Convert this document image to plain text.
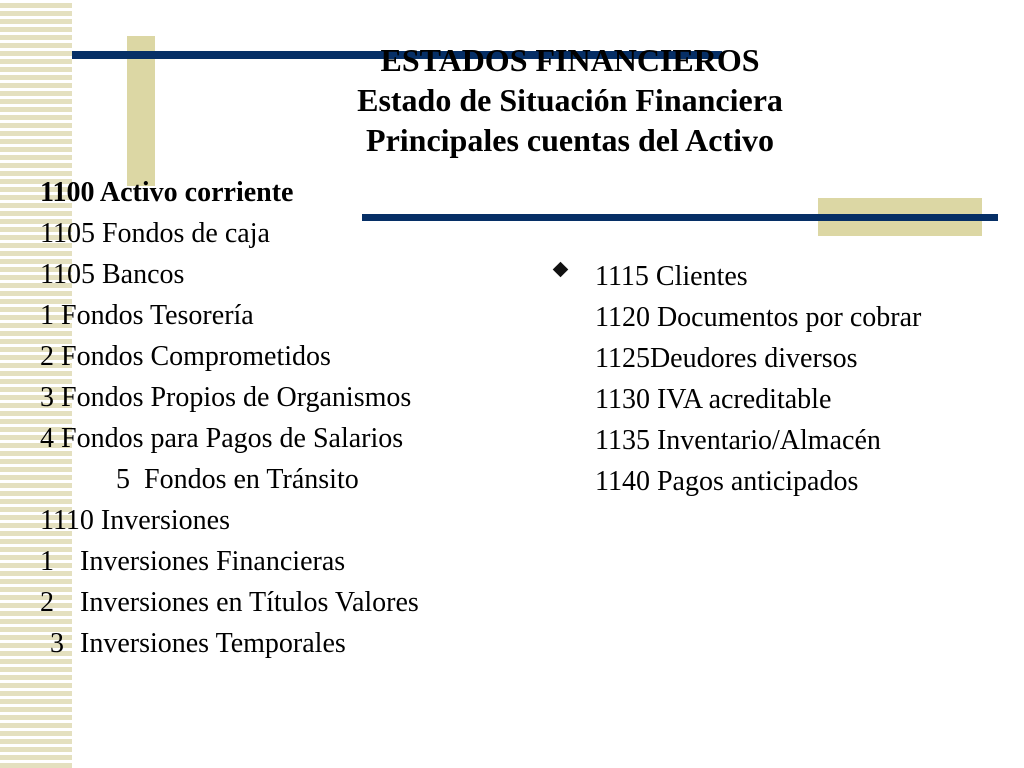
ESTADOS FINANCIEROS
Estado de Situación Financiera
Principales cuentas del Activo
1100 Activo corriente
1105 Fondos de caja
1105 Bancos
1 Fondos Tesorería
2 Fondos Comprometidos
3 Fondos Propios de Organismos
4 Fondos para Pagos de Salarios
5  Fondos en Tránsito
1110 Inversiones
1 Inversiones Financieras
2 Inversiones en Títulos Valores
3 Inversiones Temporales
1115 Clientes
1120 Documentos por cobrar
1125Deudores diversos
1130 IVA acreditable
1135 Inventario/Almacén
1140 Pagos anticipados
